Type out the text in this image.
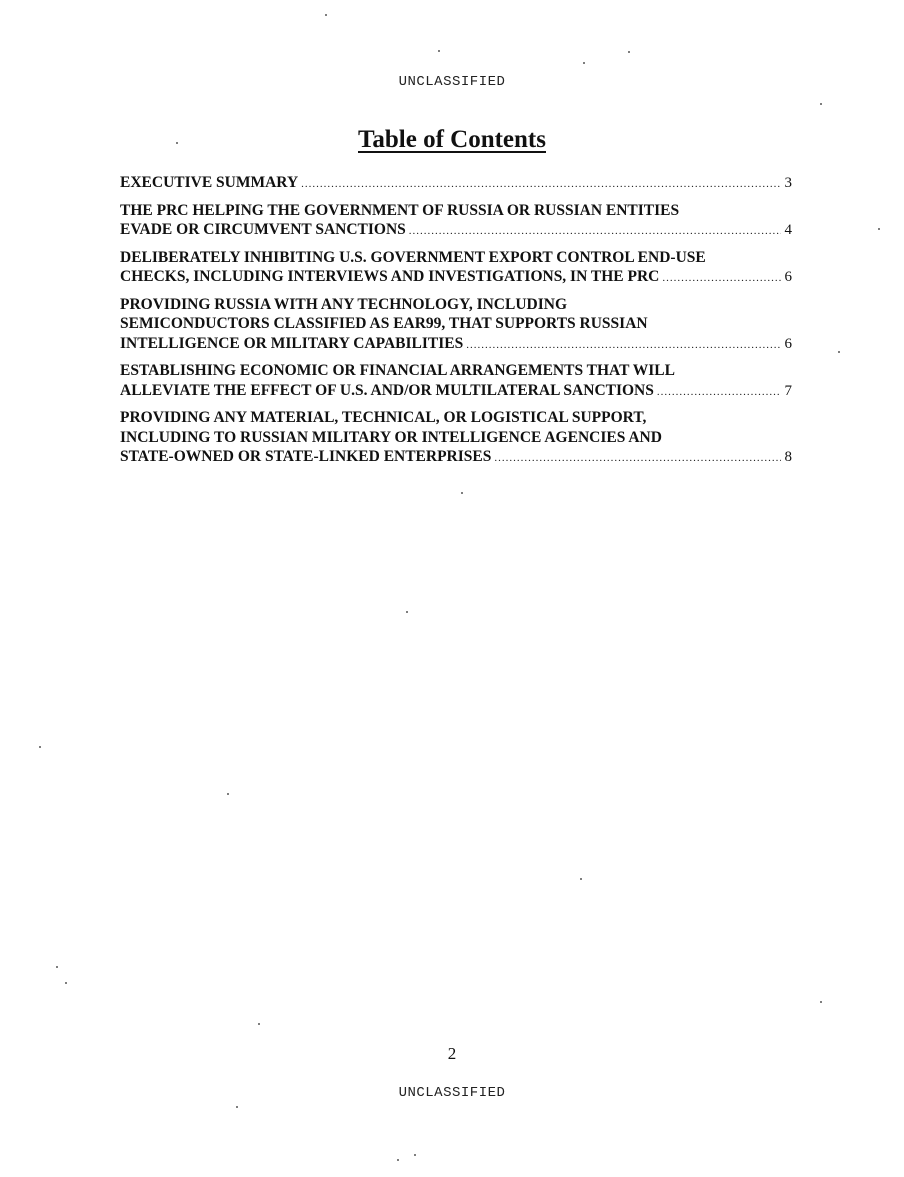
UNCLASSIFIED
Table of Contents
EXECUTIVE SUMMARY .....	3
THE PRC HELPING THE GOVERNMENT OF RUSSIA OR RUSSIAN ENTITIES
EVADE OR CIRCUMVENT SANCTIONS .....	4
DELIBERATELY INHIBITING U.S. GOVERNMENT EXPORT CONTROL END-USE
CHECKS, INCLUDING INTERVIEWS AND INVESTIGATIONS, IN THE PRC .....	6
PROVIDING RUSSIA WITH ANY TECHNOLOGY, INCLUDING
SEMICONDUCTORS CLASSIFIED AS EAR99, THAT SUPPORTS RUSSIAN
INTELLIGENCE OR MILITARY CAPABILITIES .....	6
ESTABLISHING ECONOMIC OR FINANCIAL ARRANGEMENTS THAT WILL
ALLEVIATE THE EFFECT OF U.S. AND/OR MULTILATERAL SANCTIONS .....	7
PROVIDING ANY MATERIAL, TECHNICAL, OR LOGISTICAL SUPPORT,
INCLUDING TO RUSSIAN MILITARY OR INTELLIGENCE AGENCIES AND
STATE-OWNED OR STATE-LINKED ENTERPRISES .....	8
2
UNCLASSIFIED
